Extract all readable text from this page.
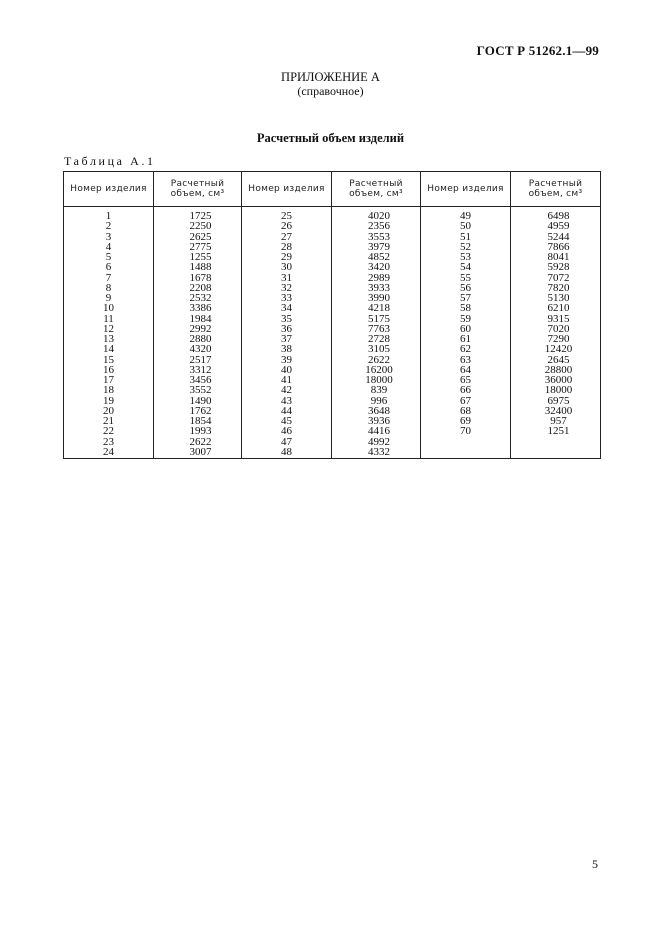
ГОСТ Р 51262.1—99
ПРИЛОЖЕНИЕ А
(справочное)
Расчетный объем изделий
Таблица А.1
Номер изделия	Расчетный объем, см³	Номер изделия	Расчетный объем, см³	Номер изделия	Расчетный объем, см³
1	1725	25	4020	49	6498
2	2250	26	2356	50	4959
3	2625	27	3553	51	5244
4	2775	28	3979	52	7866
5	1255	29	4852	53	8041
6	1488	30	3420	54	5928
7	1678	31	2989	55	7072
8	2208	32	3933	56	7820
9	2532	33	3990	57	5130
10	3386	34	4218	58	6210
11	1984	35	5175	59	9315
12	2992	36	7763	60	7020
13	2880	37	2728	61	7290
14	4320	38	3105	62	12420
15	2517	39	2622	63	2645
16	3312	40	16200	64	28800
17	3456	41	18000	65	36000
18	3552	42	839	66	18000
19	1490	43	996	67	6975
20	1762	44	3648	68	32400
21	1854	45	3936	69	957
22	1993	46	4416	70	1251
23	2622	47	4992		
24	3007	48	4332		
5
